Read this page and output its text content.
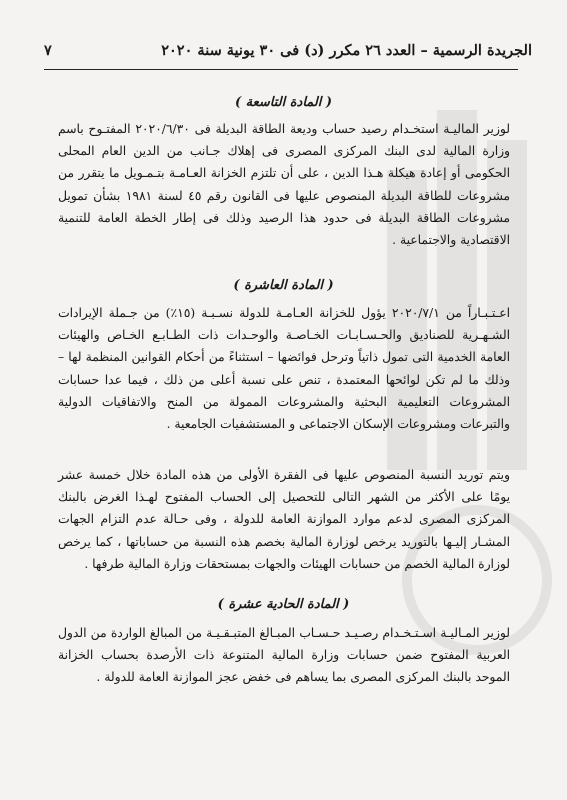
الجريدة الرسمية – العدد ٢٦ مكرر (د) فى ٣٠ يونية سنة ٢٠٢٠
٧
( المادة التاسعة )

لوزير الماليـة استخـدام رصيد حساب وديعة الطاقة البديلة فى ٢٠٢٠/٦/٣٠ المفتـوح باسم وزارة المالية لدى البنك المركزى المصرى فى إهلاك جـانب من الدين العام المحلى الحكومى أو إعادة هيكلة هـذا الدين ، على أن تلتزم الخزانة العـامـة بتـمـويل ما يتقرر من مشروعات للطاقة البديلة المنصوص عليها فى القانون رقم ٤٥ لسنة ١٩٨١ بشأن تمويل مشروعات الطاقة البديلة فى حدود هذا الرصيد وذلك فى إطار الخطة العامة للتنمية الاقتصادية والاجتماعية .

( المادة العاشرة )

اعـتـبـاراً من ٢٠٢٠/٧/١ يؤول للخزانة العـامـة للدولة نسـبـة (١٥٪) من جـملة الإيرادات الشـهـرية للصناديق والحـسـابـات الخـاصـة والوحـدات ذات الطـابـع الخـاص والهيئات العامة الخدمية التى تمول ذاتياً وترحل فوائضها – استثناءً من أحكام القوانين المنظمة لها – وذلك ما لم تكن لوائحها المعتمدة ، تنص على نسبة أعلى من ذلك ، فيما عدا حسابات المشروعات التعليمية البحثية والمشروعات الممولة من المنح والاتفاقيات الدولية والتبرعات ومشروعات الإسكان الاجتماعى و المستشفيات الجامعية .

ويتم توريد النسبة المنصوص عليها فى الفقرة الأولى من هذه المادة خلال خمسة عشر يومًا على الأكثر من الشهر التالى للتحصيل إلى الحساب المفتوح لهـذا الغرض بالبنك المركزى المصرى لدعم موارد الموازنة العامة للدولة ، وفى حـالة عدم التزام الجهات المشـار إليـها بالتوريد يرخص لوزارة المالية بخصم هذه النسبة من حساباتها ، كما يرخص لوزارة المالية الخصم من حسابات الهيئات والجهات بمستحقات وزارة المالية طرفها .

( المادة الحادية عشرة )

لوزير المـاليـة اسـتـخـدام رصـيـد حـسـاب المبـالغ المتبـقـيـة من المبالغ الواردة من الدول العربية المفتوح ضمن حسابات وزارة المالية المتنوعة ذات الأرصدة بحساب الخزانة الموحد بالبنك المركزى المصرى بما يساهم فى خفض عجز الموازنة العامة للدولة .
